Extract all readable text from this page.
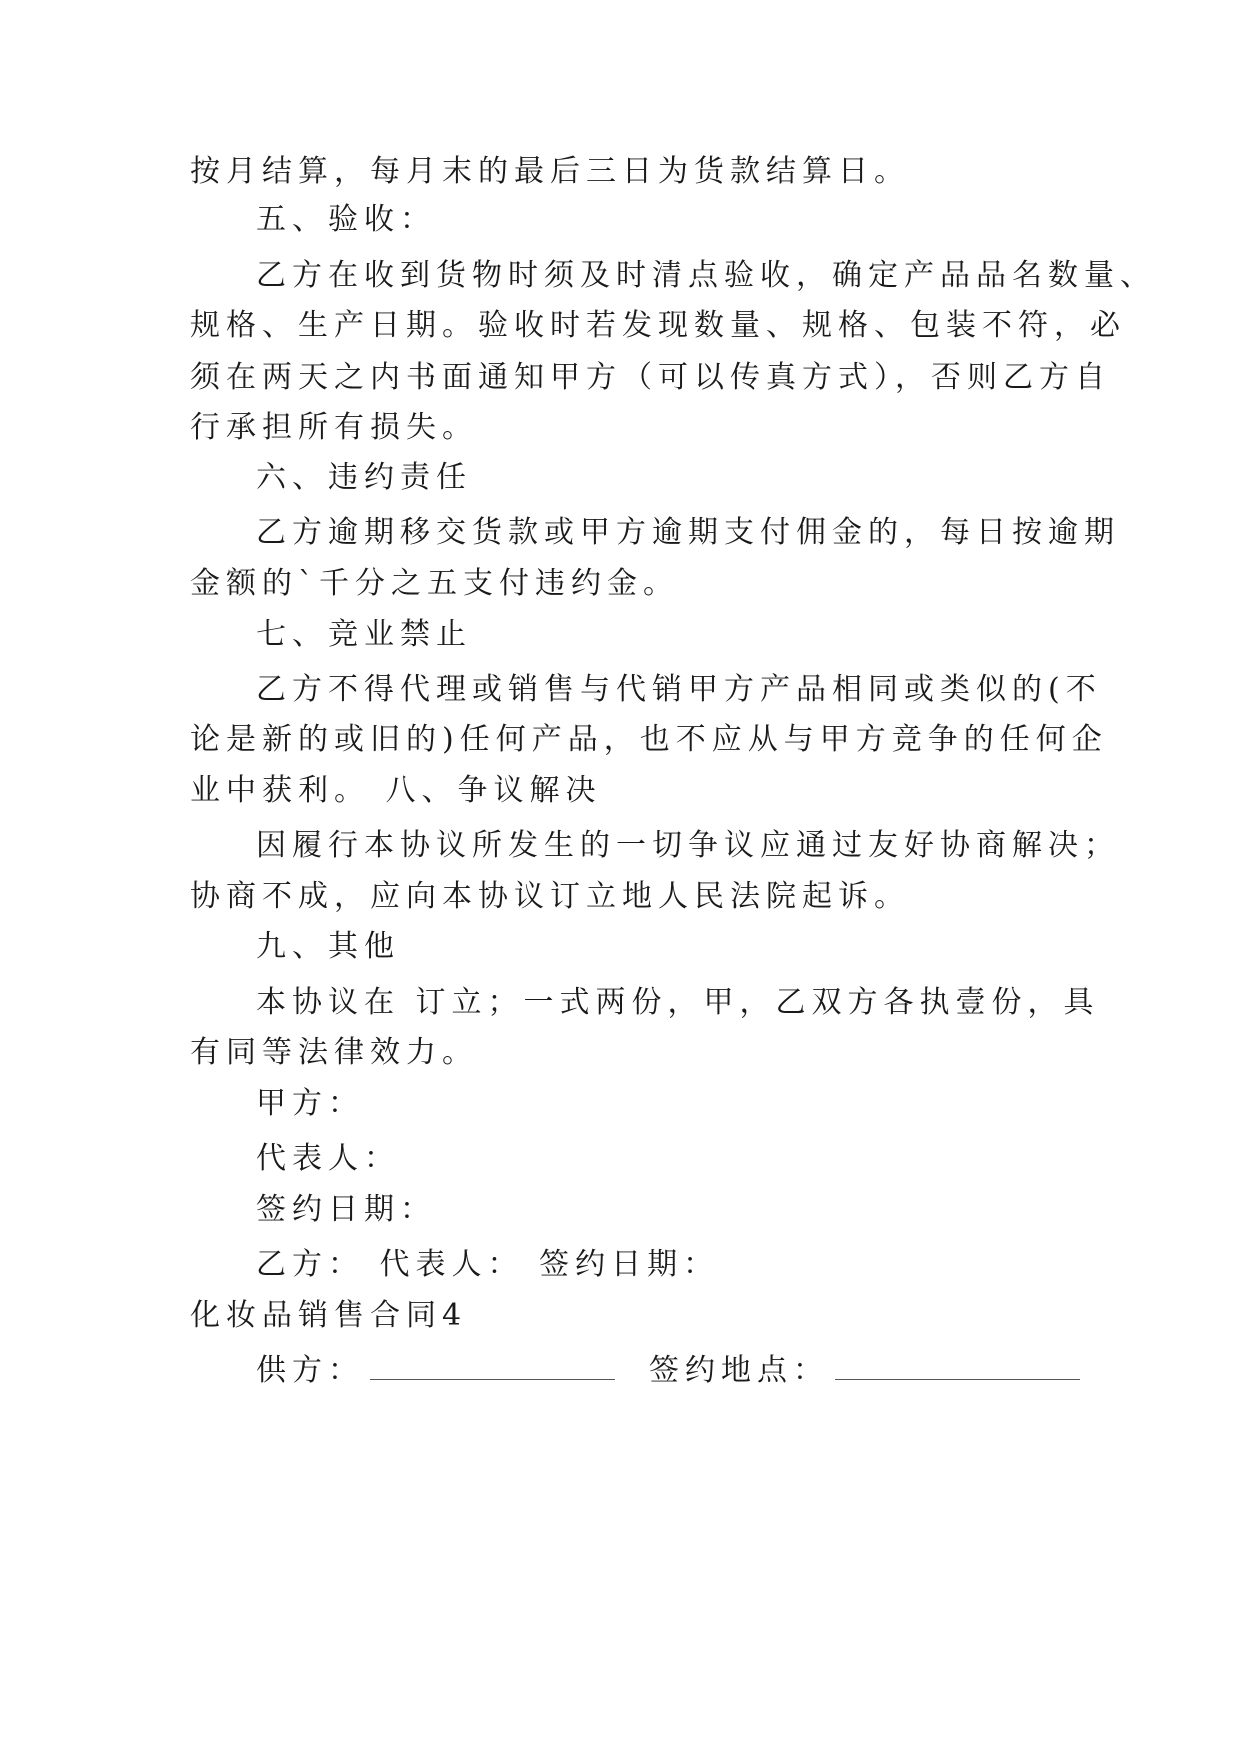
按月结算，每月末的最后三日为货款结算日。
五、验收：
乙方在收到货物时须及时清点验收，确定产品品名数量、
规格、生产日期。验收时若发现数量、规格、包装不符，必
须在两天之内书面通知甲方（可以传真方式），否则乙方自
行承担所有损失。
六、违约责任
乙方逾期移交货款或甲方逾期支付佣金的，每日按逾期
金额的`千分之五支付违约金。
七、竞业禁止
乙方不得代理或销售与代销甲方产品相同或类似的(不
论是新的或旧的)任何产品，也不应从与甲方竞争的任何企
业中获利。 八、争议解决
因履行本协议所发生的一切争议应通过友好协商解决；
协商不成，应向本协议订立地人民法院起诉。
九、其他
本协议在 订立；一式两份，甲，乙双方各执壹份，具
有同等法律效力。
甲方：
代表人：
签约日期：
乙方： 代表人： 签约日期：
化妆品销售合同4
供方：	签约地点：
